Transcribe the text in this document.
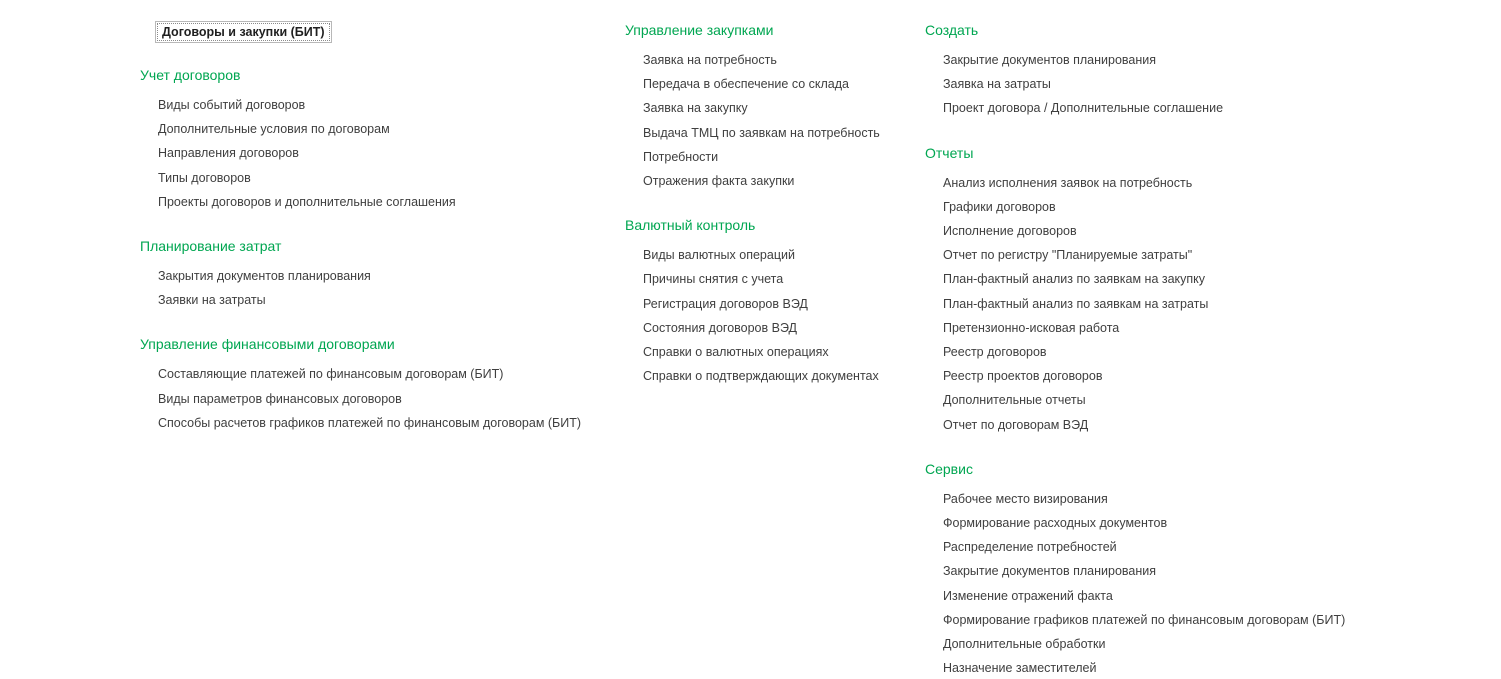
Договоры и закупки (БИТ)
Учет договоров
Виды событий договоров
Дополнительные условия по договорам
Направления договоров
Типы договоров
Проекты договоров и дополнительные соглашения
Планирование затрат
Закрытия документов планирования
Заявки на затраты
Управление финансовыми договорами
Составляющие платежей по финансовым договорам (БИТ)
Виды параметров финансовых договоров
Способы расчетов графиков платежей по финансовым договорам (БИТ)
Управление закупками
Заявка на потребность
Передача в обеспечение со склада
Заявка на закупку
Выдача ТМЦ по заявкам на потребность
Потребности
Отражения факта закупки
Валютный контроль
Виды валютных операций
Причины снятия с учета
Регистрация договоров ВЭД
Состояния договоров ВЭД
Справки о валютных операциях
Справки о подтверждающих документах
Создать
Закрытие документов планирования
Заявка на затраты
Проект договора / Дополнительные соглашение
Отчеты
Анализ исполнения заявок на потребность
Графики договоров
Исполнение договоров
Отчет по регистру "Планируемые затраты"
План-фактный анализ по заявкам на закупку
План-фактный анализ по заявкам на затраты
Претензионно-исковая работа
Реестр договоров
Реестр проектов договоров
Дополнительные отчеты
Отчет по договорам ВЭД
Сервис
Рабочее место визирования
Формирование расходных документов
Распределение потребностей
Закрытие документов планирования
Изменение отражений факта
Формирование графиков платежей по финансовым договорам (БИТ)
Дополнительные обработки
Назначение заместителей
